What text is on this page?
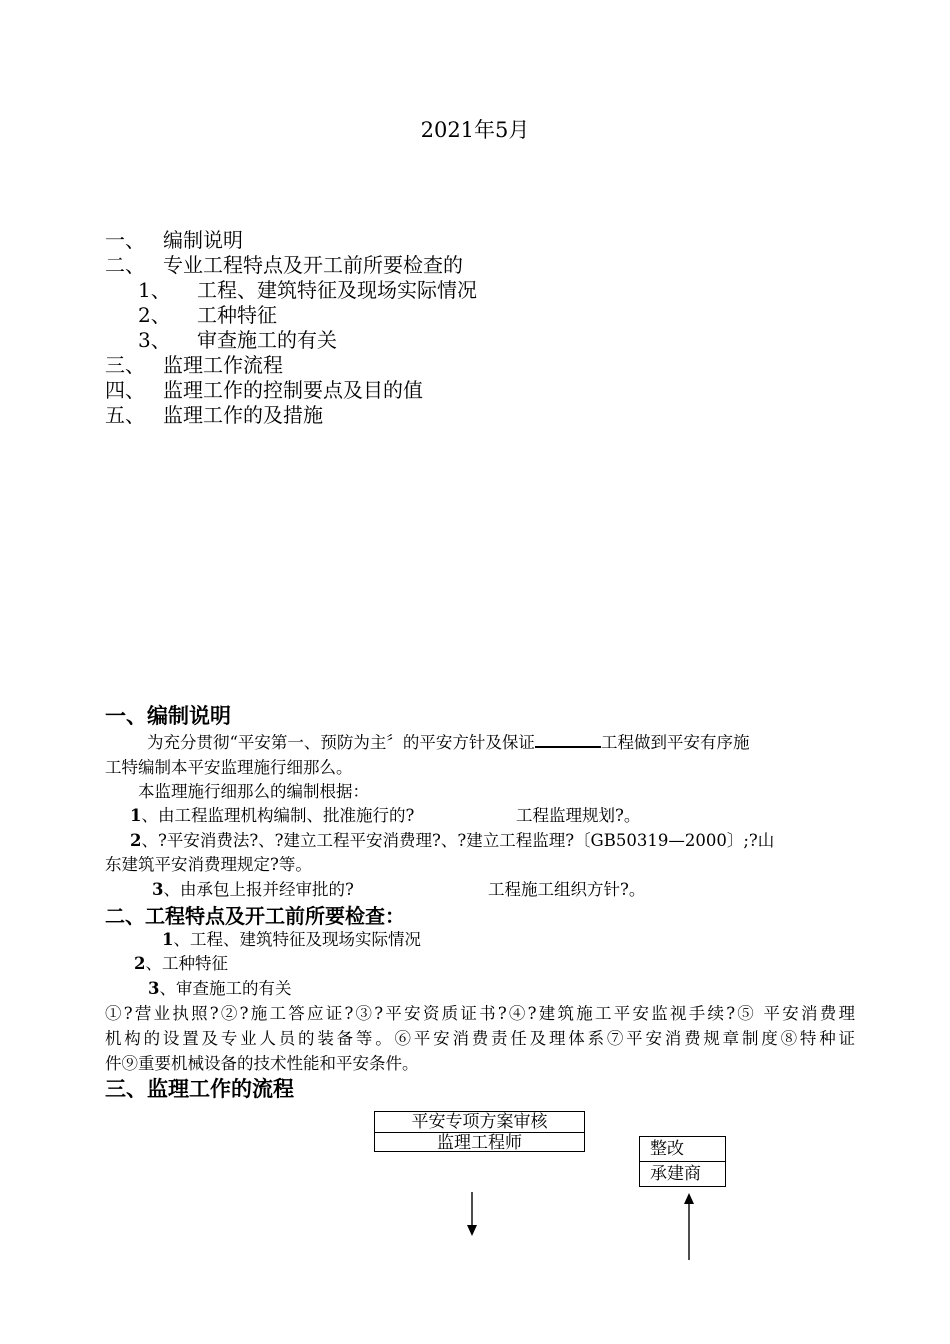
2021年5月
一、 编制说明
二、 专业工程特点及开工前所要检查的
1、 工程、建筑特征及现场实际情况
2、 工种特征
3、 审查施工的有关
三、 监理工作流程
四、 监理工作的控制要点及目的值
五、 监理工作的及措施
一、编制说明
为充分贯彻“平安第一、预防为主〞的平安方针及保证	工程做到平安有序施
工特编制本平安监理施行细那么。
本监理施行细那么的编制根据：
1、由工程监理机构编制、批准施行的?	工程监理规划?。
2、?平安消费法?、?建立工程平安消费理?、?建立工程监理?〔GB50319—2000〕;?山
东建筑平安消费理规定?等。
3、由承包上报并经审批的?	工程施工组织方针?。
二、工程特点及开工前所要检查：
1、工程、建筑特征及现场实际情况
2、工种特征
3、审查施工的有关
①?营业执照?②?施工答应证?③?平安资质证书?④?建筑施工平安监视手续?⑤ 平安消费理
机构的设置及专业人员的装备等。⑥平安消费责任及理体系⑦平安消费规章制度⑧特种证
件⑨重要机械设备的技术性能和平安条件。
三、监理工作的流程
平安专项方案审核
监理工程师	整改
承建商
